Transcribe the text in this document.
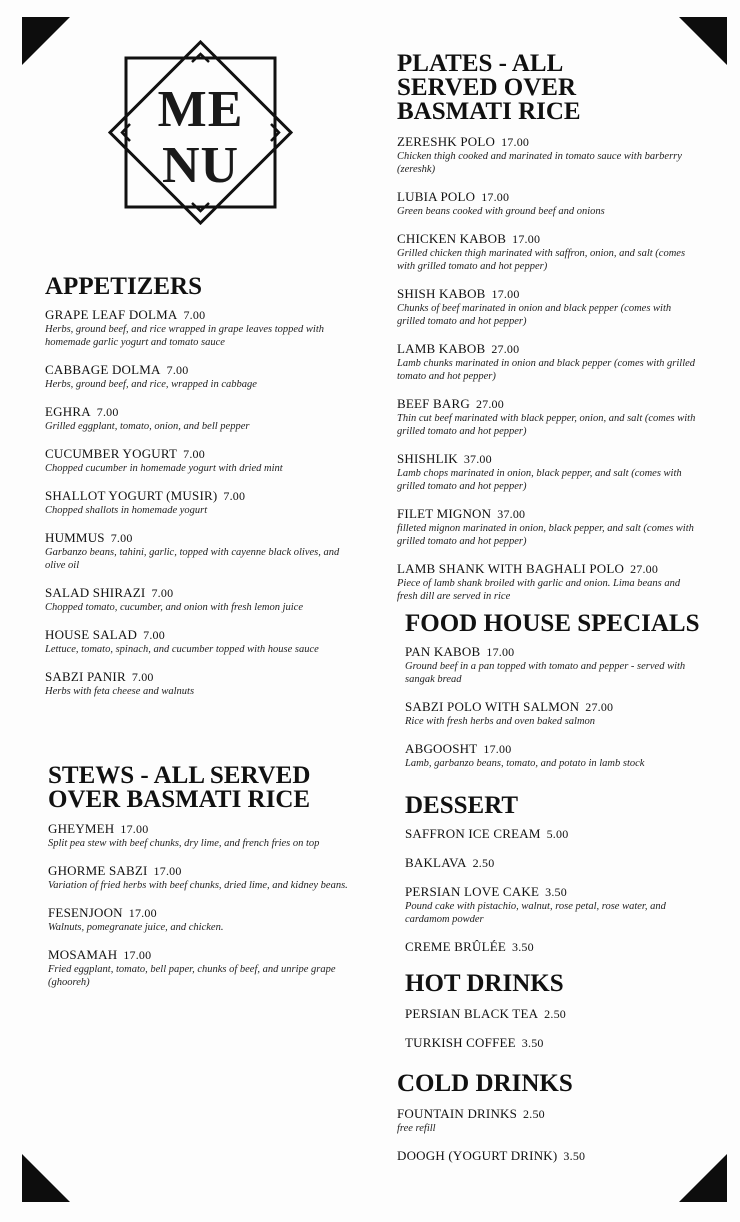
ME
NU
APPETIZERS
GRAPE LEAF DOLMA 7.00
Herbs, ground beef, and rice wrapped in grape leaves topped with homemade garlic yogurt and tomato sauce
CABBAGE DOLMA 7.00
Herbs, ground beef, and rice, wrapped in cabbage
EGHRA 7.00
Grilled eggplant, tomato, onion, and bell pepper
CUCUMBER YOGURT 7.00
Chopped cucumber in homemade yogurt with dried mint
SHALLOT YOGURT (MUSIR) 7.00
Chopped shallots in homemade yogurt
HUMMUS 7.00
Garbanzo beans, tahini, garlic, topped with cayenne black olives, and olive oil
SALAD SHIRAZI 7.00
Chopped tomato, cucumber, and onion with fresh lemon juice
HOUSE SALAD 7.00
Lettuce, tomato, spinach, and cucumber topped with house sauce
SABZI PANIR 7.00
Herbs with feta cheese and walnuts
STEWS - ALL SERVED OVER BASMATI RICE
GHEYMEH 17.00
Split pea stew with beef chunks, dry lime, and french fries on top
GHORME SABZI 17.00
Variation of fried herbs with beef chunks, dried lime, and kidney beans.
FESENJOON 17.00
Walnuts, pomegranate juice, and chicken.
MOSAMAH 17.00
Fried eggplant, tomato, bell paper, chunks of beef, and unripe grape (ghooreh)
PLATES - ALL SERVED OVER BASMATI RICE
ZERESHK POLO 17.00
Chicken thigh cooked and marinated in tomato sauce with barberry (zereshk)
LUBIA POLO 17.00
Green beans cooked with ground beef and onions
CHICKEN KABOB 17.00
Grilled chicken thigh marinated with saffron, onion, and salt (comes with grilled tomato and hot pepper)
SHISH KABOB 17.00
Chunks of beef marinated in onion and black pepper (comes with grilled tomato and hot pepper)
LAMB KABOB 27.00
Lamb chunks marinated in onion and black pepper (comes with grilled tomato and hot pepper)
BEEF BARG 27.00
Thin cut beef marinated with black pepper, onion, and salt (comes with grilled tomato and hot pepper)
SHISHLIK 37.00
Lamb chops marinated in onion, black pepper, and salt (comes with grilled tomato and hot pepper)
FILET MIGNON 37.00
filleted mignon marinated in onion, black pepper, and salt (comes with grilled tomato and hot pepper)
LAMB SHANK WITH BAGHALI POLO 27.00
Piece of lamb shank broiled with garlic and onion. Lima beans and fresh dill are served in rice
FOOD HOUSE SPECIALS
PAN KABOB 17.00
Ground beef in a pan topped with tomato and pepper - served with sangak bread
SABZI POLO WITH SALMON 27.00
Rice with fresh herbs and oven baked salmon
ABGOOSHT 17.00
Lamb, garbanzo beans, tomato, and potato in lamb stock
DESSERT
SAFFRON ICE CREAM 5.00
BAKLAVA 2.50
PERSIAN LOVE CAKE 3.50
Pound cake with pistachio, walnut, rose petal, rose water, and cardamom powder
CREME BRÛLÉE 3.50
HOT DRINKS
PERSIAN BLACK TEA 2.50
TURKISH COFFEE 3.50
COLD DRINKS
FOUNTAIN DRINKS 2.50
free refill
DOOGH (YOGURT DRINK) 3.50
